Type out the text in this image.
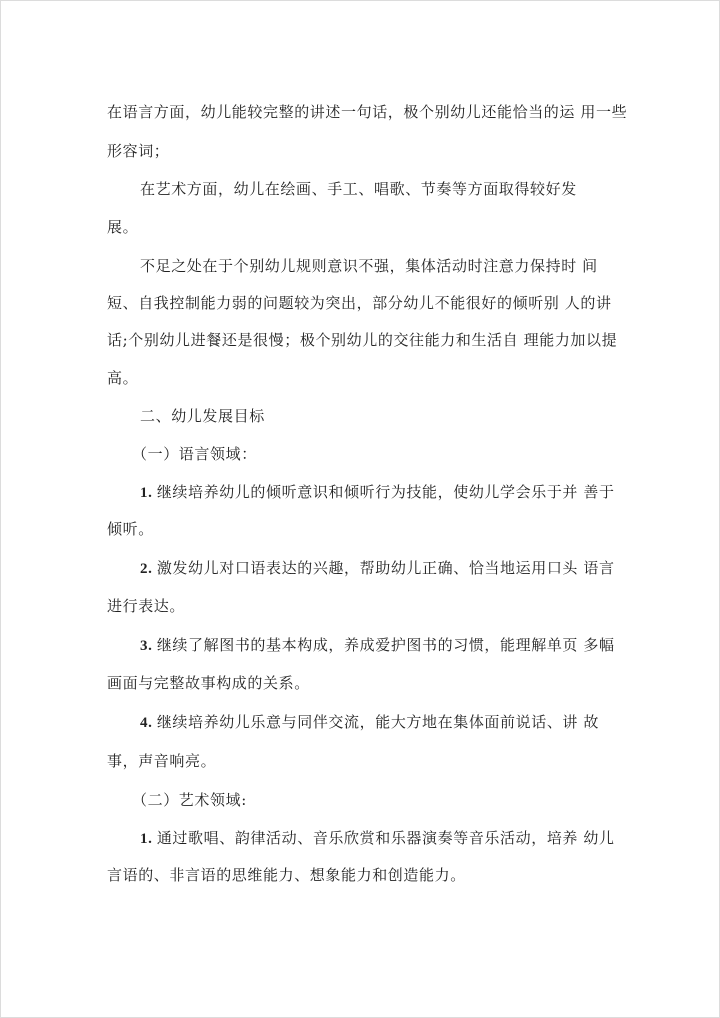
在语言方面，幼儿能较完整的讲述一句话，极个别幼儿还能恰当的运 用一些
形容词；
在艺术方面，幼儿在绘画、手工、唱歌、节奏等方面取得较好发
展。
不足之处在于个别幼儿规则意识不强，集体活动时注意力保持时 间
短、自我控制能力弱的问题较为突出，部分幼儿不能很好的倾听别 人的讲
话;个别幼儿进餐还是很慢；极个别幼儿的交往能力和生活自 理能力加以提
高。
二、幼儿发展目标
（一）语言领域：
1. 继续培养幼儿的倾听意识和倾听行为技能，使幼儿学会乐于并 善于
倾听。
2. 激发幼儿对口语表达的兴趣，帮助幼儿正确、恰当地运用口头 语言
进行表达。
3. 继续了解图书的基本构成，养成爱护图书的习惯，能理解单页 多幅
画面与完整故事构成的关系。
4. 继续培养幼儿乐意与同伴交流，能大方地在集体面前说话、讲 故
事，声音响亮。
（二）艺术领域:
1. 通过歌唱、韵律活动、音乐欣赏和乐器演奏等音乐活动，培养 幼儿
言语的、非言语的思维能力、想象能力和创造能力。
